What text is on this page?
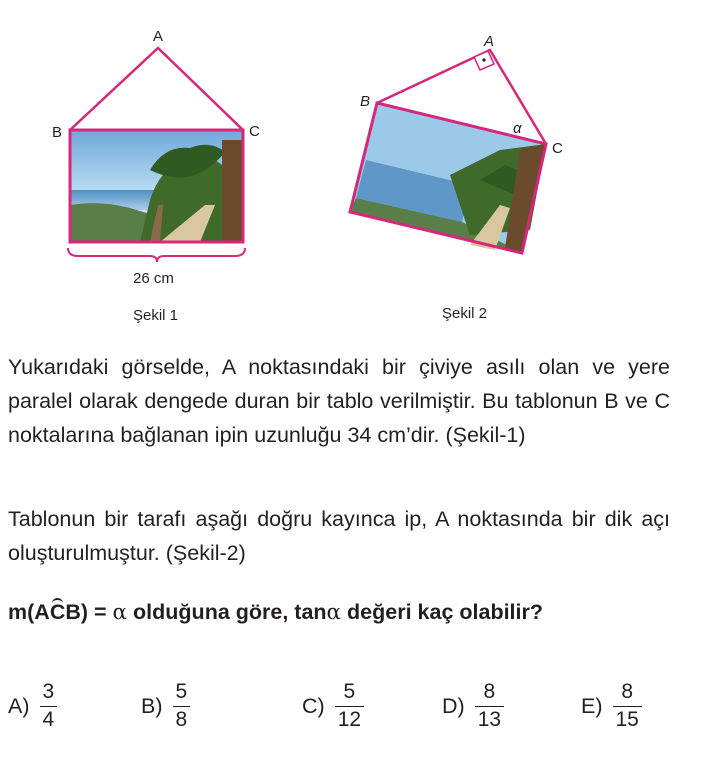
A
B	C
26 cm
Şekil 1
A
B
C
α
Şekil 2
Yukarıdaki görselde, A noktasındaki bir çiviye asılı olan ve yere paralel olarak dengede duran bir tablo verilmiştir. Bu tablonun B ve C noktalarına bağlanan ipin uzunluğu 34 cm’dir. (Şekil-1)
Tablonun bir tarafı aşağı doğru kayınca ip, A noktasında bir dik açı oluşturulmuştur. (Şekil-2)
m(ACB) = α olduğuna göre, tanα değeri kaç olabilir?
$A) \frac{3}{4}$	$B) \frac{5}{8}$	$C) \frac{5}{12}$	$D) \frac{8}{13}$	$E) \frac{8}{15}$
